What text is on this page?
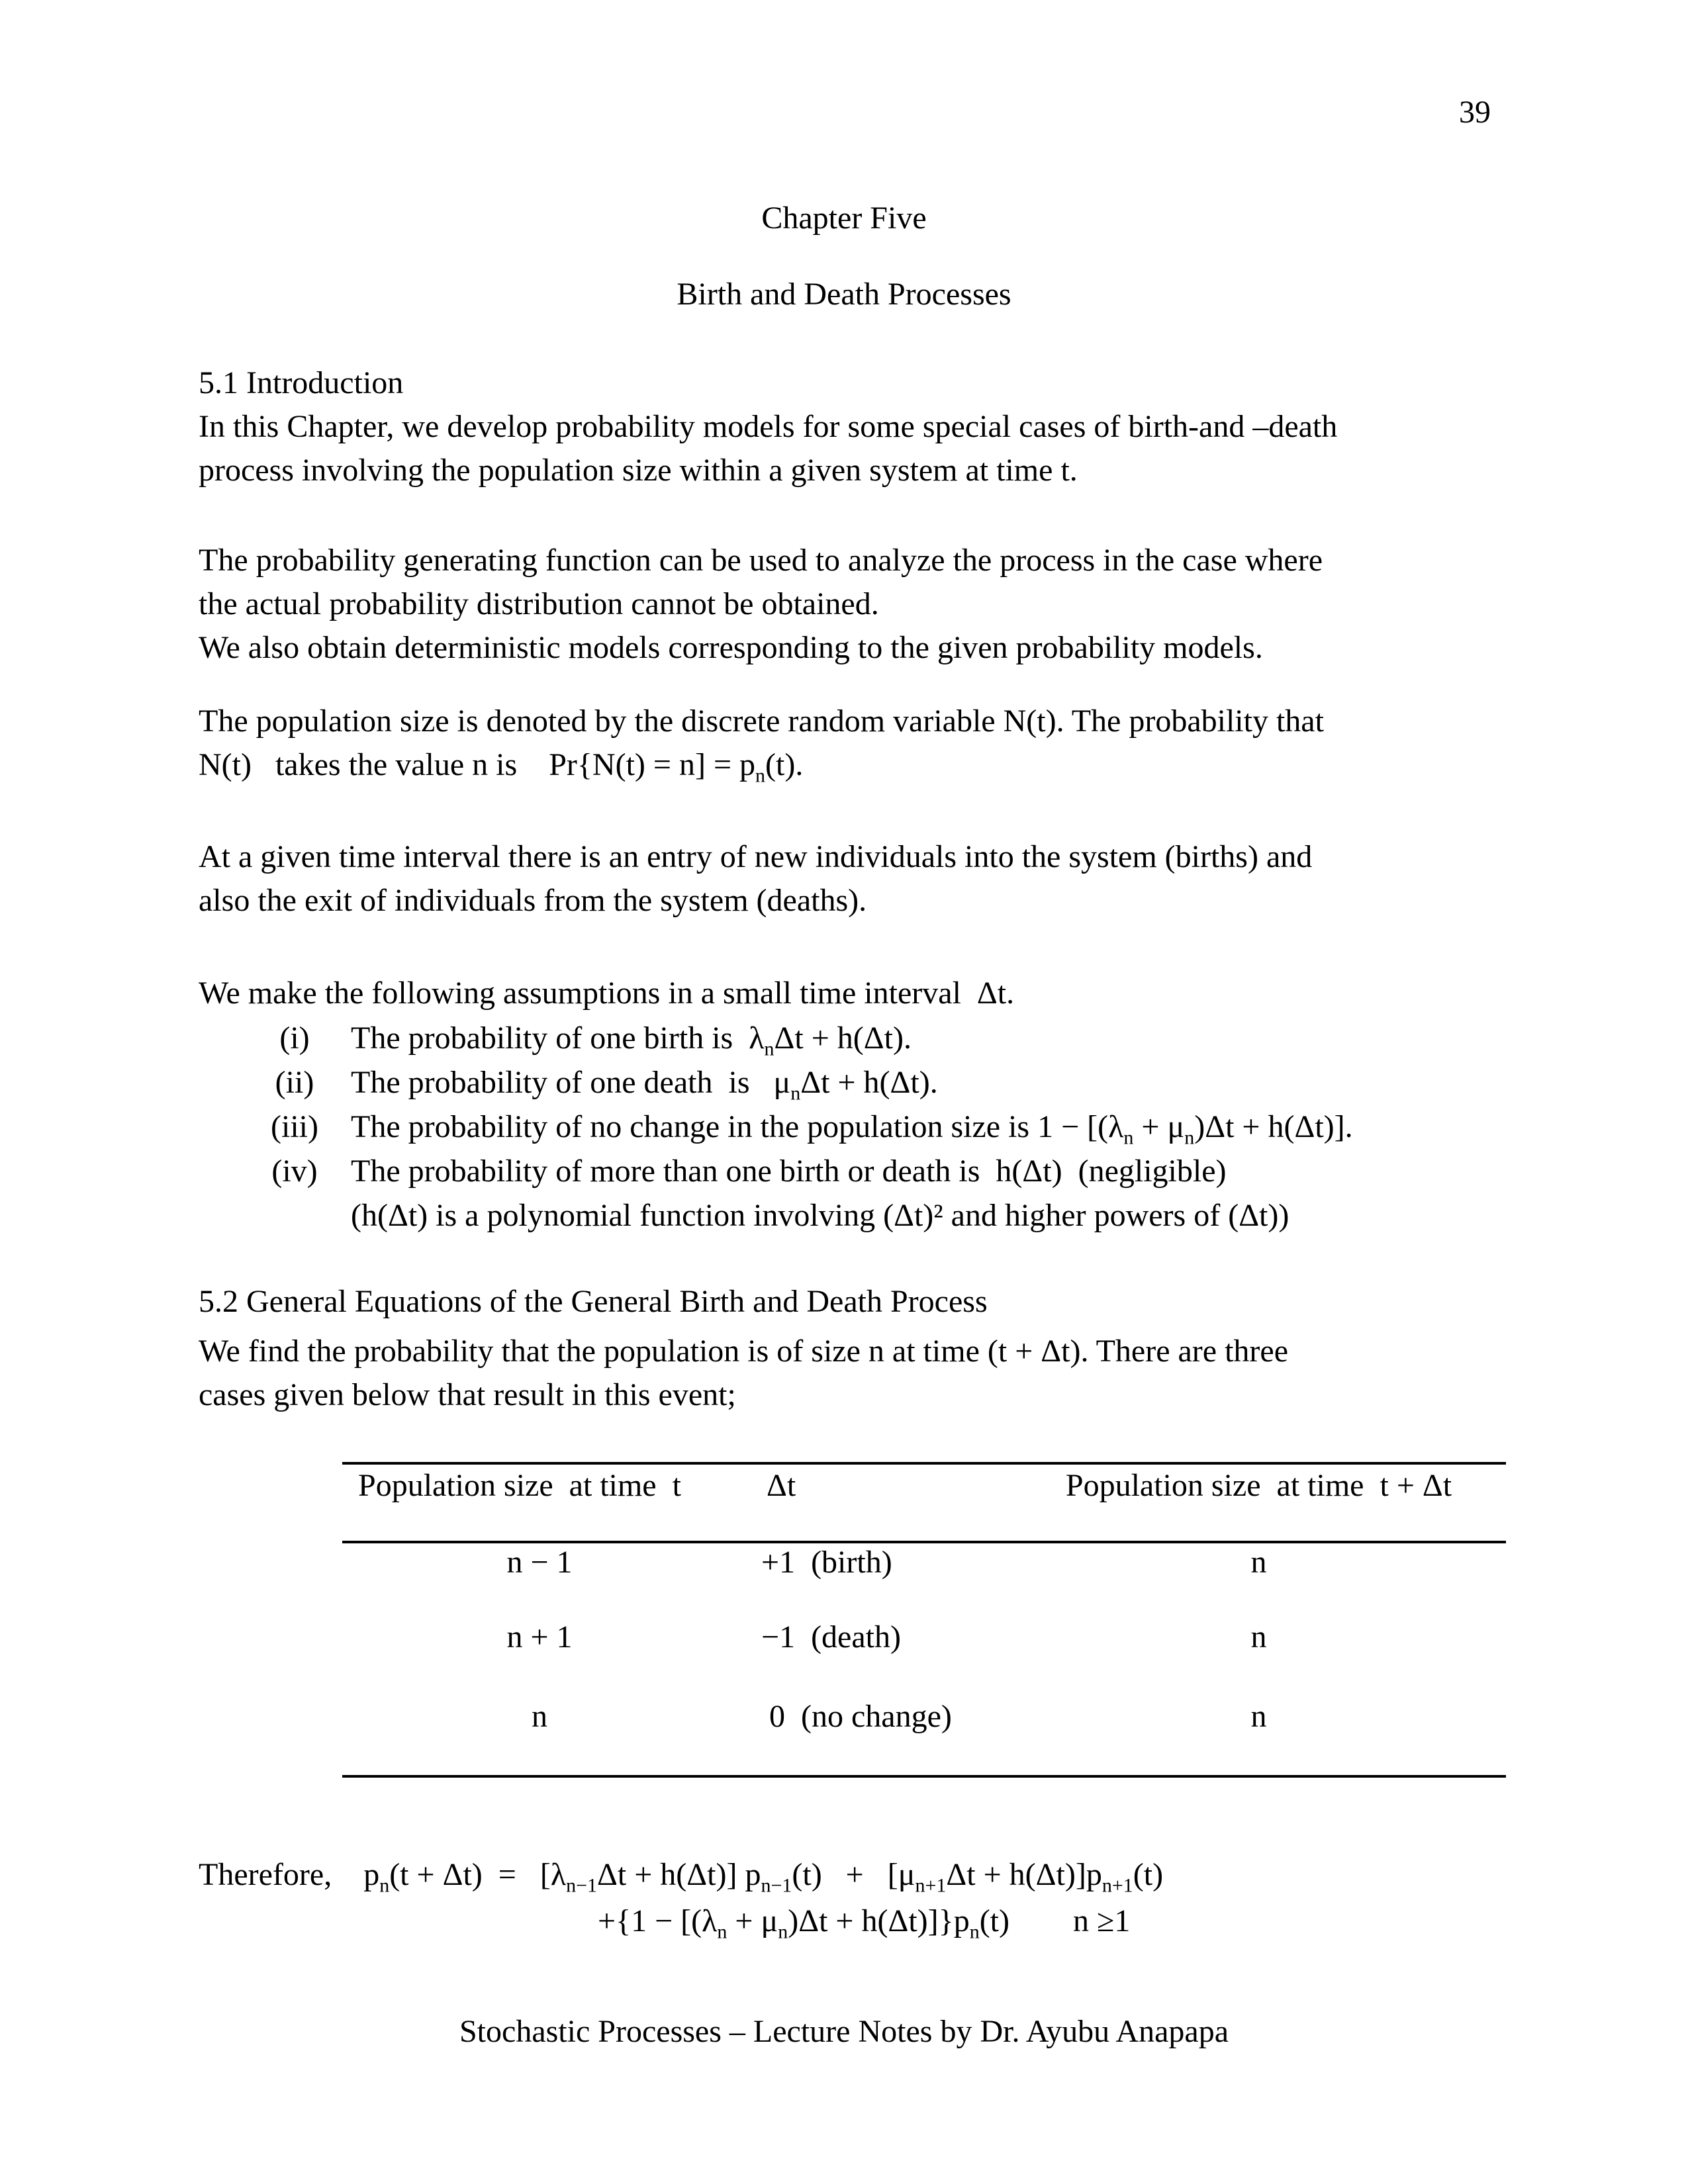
39
Chapter Five
Birth and Death Processes
5.1 Introduction
In this Chapter, we develop probability models for some special cases of birth-and –death
process involving the population size within a given system at time t.
The probability generating function can be used to analyze the process in the case where
the actual probability distribution cannot be obtained.
We also obtain deterministic models corresponding to the given probability models.
The population size is denoted by the discrete random variable N(t). The probability that
N(t)   takes the value n is    $Pr\{N(t) = n] = p_n(t)$.
At a given time interval there is an entry of new individuals into the system (births) and
also the exit of individuals from the system (deaths).
We make the following assumptions in a small time interval  Δt.
(i) The probability of one birth is  $\lambda_n\Delta t + h(\Delta t)$.
(ii) The probability of one death  is   $\mu_n\Delta t + h(\Delta t)$.
(iii) The probability of no change in the population size is $1 - [(\lambda_n + \mu_n)\Delta t + h(\Delta t)]$.
(iv) The probability of more than one birth or death is  h(Δt)  (negligible)
(h(Δt) is a polynomial function involving (Δt)² and higher powers of (Δt))
5.2 General Equations of the General Birth and Death Process
We find the probability that the population is of size n at time (t + Δt). There are three
cases given below that result in this event;
Population size  at time  t	Δt	Population size  at time  t + Δt
n − 1	+1  (birth)	n
n + 1	−1  (death)	n
n	0  (no change)	n
Therefore,    $p_n(t + \Delta t) = [\lambda_{n-1}\Delta t + h(\Delta t)] p_{n-1}(t) + [\mu_{n+1}\Delta t + h(\Delta t)]p_{n+1}(t)$
$+\{1 - [(\lambda_n + \mu_n)\Delta t + h(\Delta t)]\}p_n(t)$        n ≥1
Stochastic Processes – Lecture Notes by Dr. Ayubu Anapapa
